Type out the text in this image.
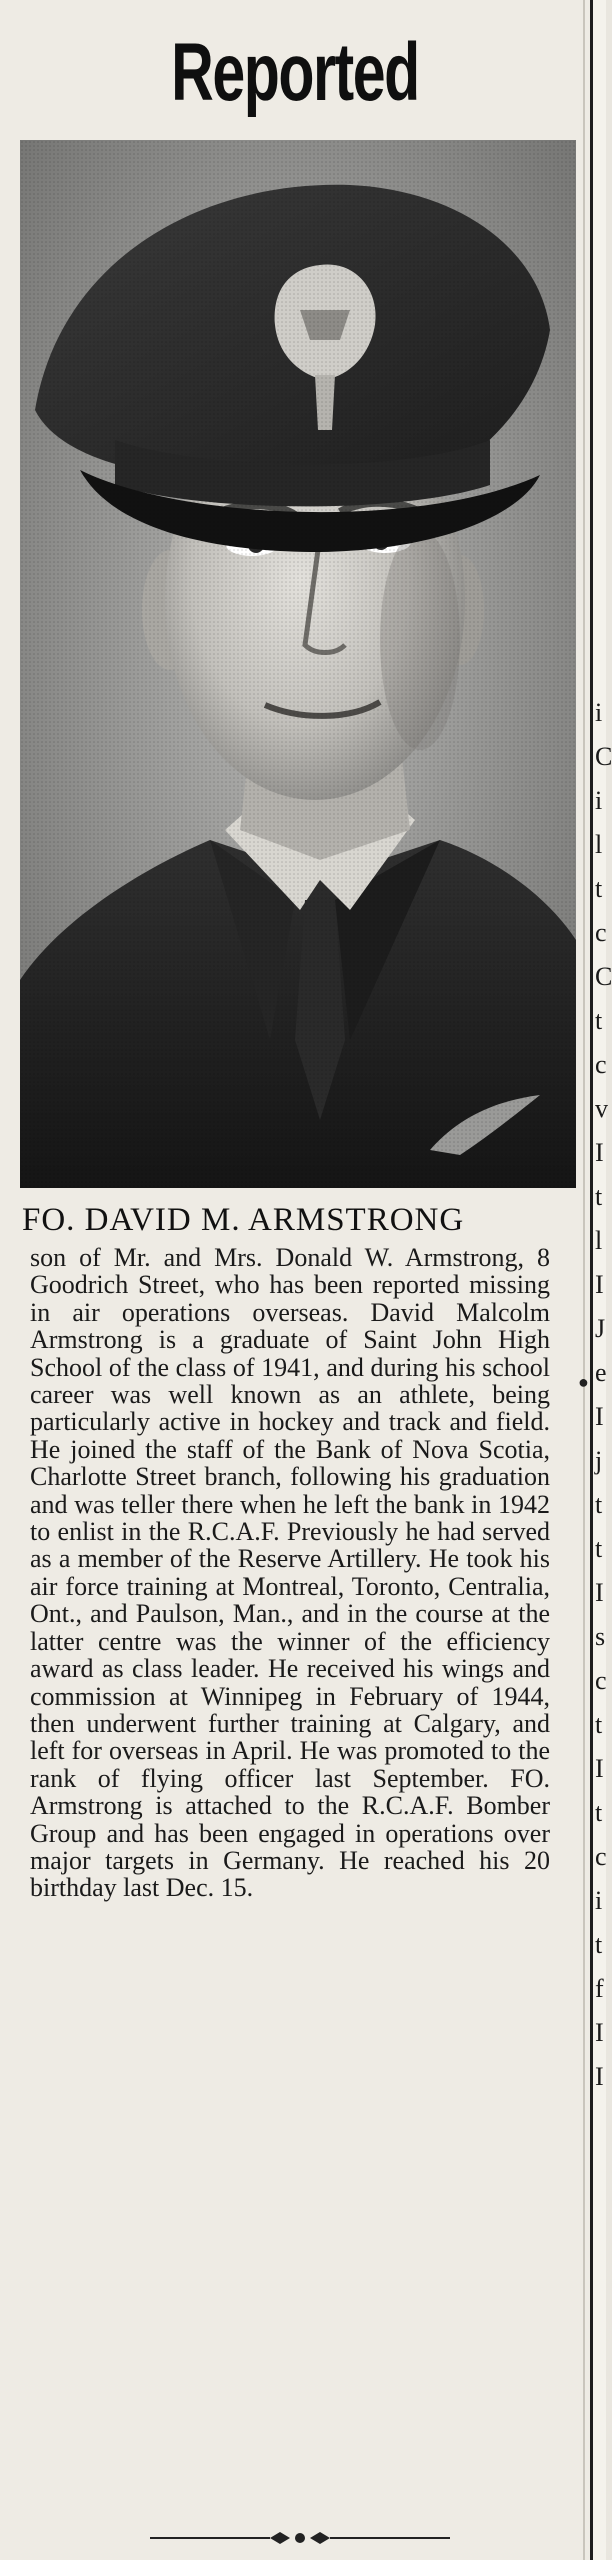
Reported

FO. DAVID M. ARMSTRONG

son of Mr. and Mrs. Donald W. Armstrong, 8 Goodrich Street, who has been reported missing in air operations overseas. David Malcolm Armstrong is a graduate of Saint John High School of the class of 1941, and during his school career was well known as an athlete, being particularly active in hockey and track and field. He joined the staff of the Bank of Nova Scotia, Charlotte Street branch, following his graduation and was teller there when he left the bank in 1942 to enlist in the R.C.A.F. Previously he had served as a member of the Reserve Artillery. He took his air force training at Montreal, Toronto, Centralia, Ont., and Paulson, Man., and in the course at the latter centre was the winner of the efficiency award as class leader. He received his wings and commission at Winnipeg in February of 1944, then underwent further training at Calgary, and left for overseas in April. He was promoted to the rank of flying officer last September. FO. Armstrong is attached to the R.C.A.F. Bomber Group and has been engaged in operations over major targets in Germany. He reached his 20 birthday last Dec. 15.

●
i
C
i
l
t
c
C
t
c
v
I
t
l
I
J
e
I
j
t
t
I
s
c
t
I
t
c
i
t
f
I
I
